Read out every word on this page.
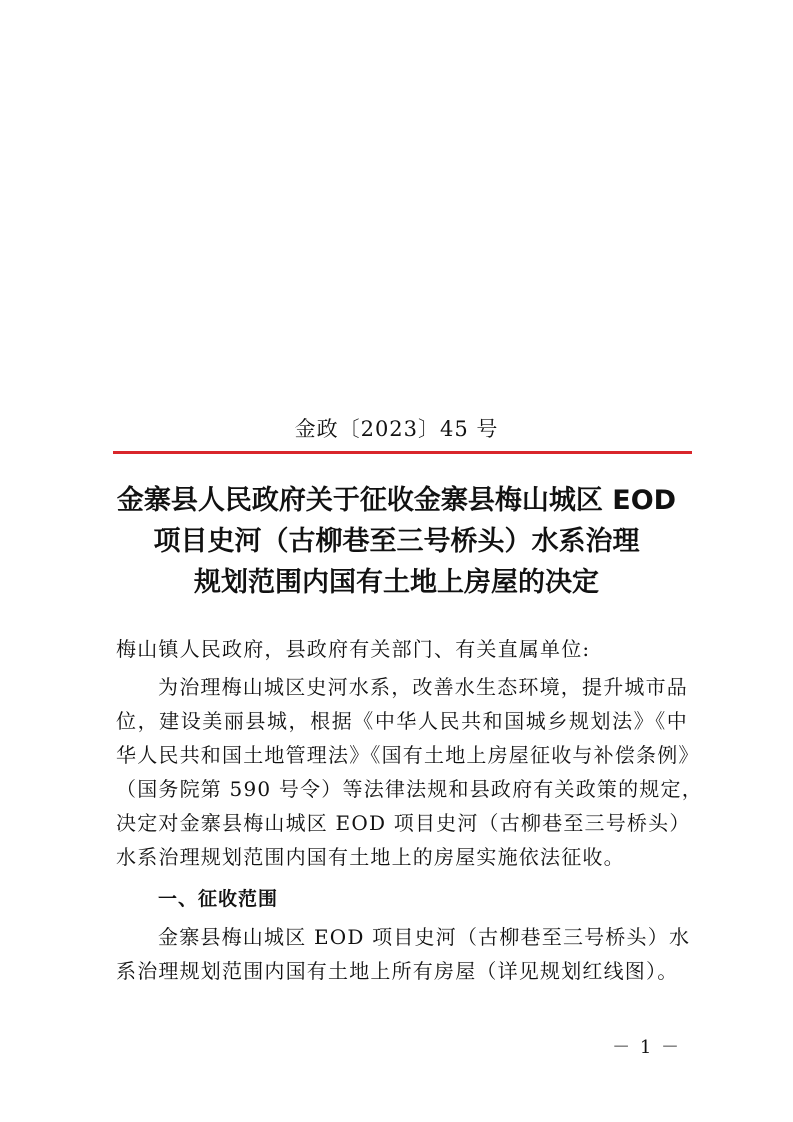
金政〔2023〕45 号
金寨县人民政府关于征收金寨县梅山城区 EOD
项目史河（古柳巷至三号桥头）水系治理
规划范围内国有土地上房屋的决定
梅山镇人民政府，县政府有关部门、有关直属单位:
为治理梅山城区史河水系，改善水生态环境，提升城市品
位，建设美丽县城，根据《中华人民共和国城乡规划法》《中
华人民共和国土地管理法》《国有土地上房屋征收与补偿条例》
（国务院第 590 号令）等法律法规和县政府有关政策的规定，
决定对金寨县梅山城区 EOD 项目史河（古柳巷至三号桥头）
水系治理规划范围内国有土地上的房屋实施依法征收。
一、征收范围
金寨县梅山城区 EOD 项目史河（古柳巷至三号桥头）水
系治理规划范围内国有土地上所有房屋（详见规划红线图）。
－ 1 －
